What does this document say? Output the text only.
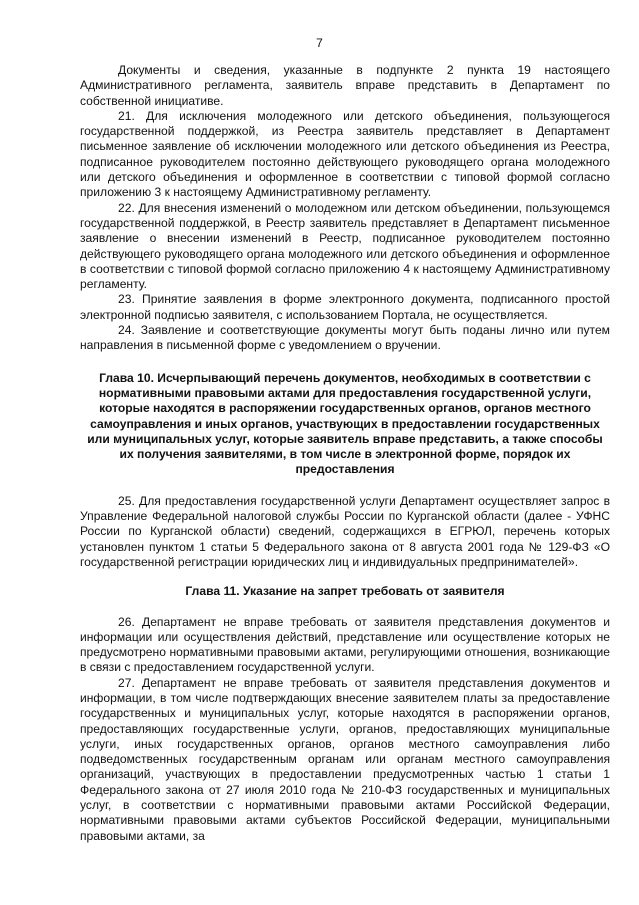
7

Документы и сведения, указанные в подпункте 2 пункта 19 настоящего Административного регламента, заявитель вправе представить в Департамент по собственной инициативе.

21. Для исключения молодежного или детского объединения, пользующегося государственной поддержкой, из Реестра заявитель представляет в Департамент письменное заявление об исключении молодежного или детского объединения из Реестра, подписанное руководителем постоянно действующего руководящего органа молодежного или детского объединения и оформленное в соответствии с типовой формой согласно приложению 3 к настоящему Административному регламенту.

22. Для внесения изменений о молодежном или детском объединении, пользующемся государственной поддержкой, в Реестр заявитель представляет в Департамент письменное заявление о внесении изменений в Реестр, подписанное руководителем постоянно действующего руководящего органа молодежного или детского объединения и оформленное в соответствии с типовой формой согласно приложению 4 к настоящему Административному регламенту.

23. Принятие заявления в форме электронного документа, подписанного простой электронной подписью заявителя, с использованием Портала, не осуществляется.

24. Заявление и соответствующие документы могут быть поданы лично или путем направления в письменной форме с уведомлением о вручении.

Глава 10. Исчерпывающий перечень документов, необходимых в соответствии с нормативными правовыми актами для предоставления государственной услуги, которые находятся в распоряжении государственных органов, органов местного самоуправления и иных органов, участвующих в предоставлении государственных или муниципальных услуг, которые заявитель вправе представить, а также способы их получения заявителями, в том числе в электронной форме, порядок их предоставления

25. Для предоставления государственной услуги Департамент осуществляет запрос в Управление Федеральной налоговой службы России по Курганской области (далее - УФНС России по Курганской области) сведений, содержащихся в ЕГРЮЛ, перечень которых установлен пунктом 1 статьи 5 Федерального закона от 8 августа 2001 года № 129-ФЗ «О государственной регистрации юридических лиц и индивидуальных предпринимателей».

Глава 11. Указание на запрет требовать от заявителя

26. Департамент не вправе требовать от заявителя представления документов и информации или осуществления действий, представление или осуществление которых не предусмотрено нормативными правовыми актами, регулирующими отношения, возникающие в связи с предоставлением государственной услуги.

27. Департамент не вправе требовать от заявителя представления документов и информации, в том числе подтверждающих внесение заявителем платы за предоставление государственных и муниципальных услуг, которые находятся в распоряжении органов, предоставляющих государственные услуги, органов, предоставляющих муниципальные услуги, иных государственных органов, органов местного самоуправления либо подведомственных государственным органам или органам местного самоуправления организаций, участвующих в предоставлении предусмотренных частью 1 статьи 1 Федерального закона от 27 июля 2010 года № 210-ФЗ государственных и муниципальных услуг, в соответствии с нормативными правовыми актами Российской Федерации, нормативными правовыми актами субъектов Российской Федерации, муниципальными правовыми актами, за
